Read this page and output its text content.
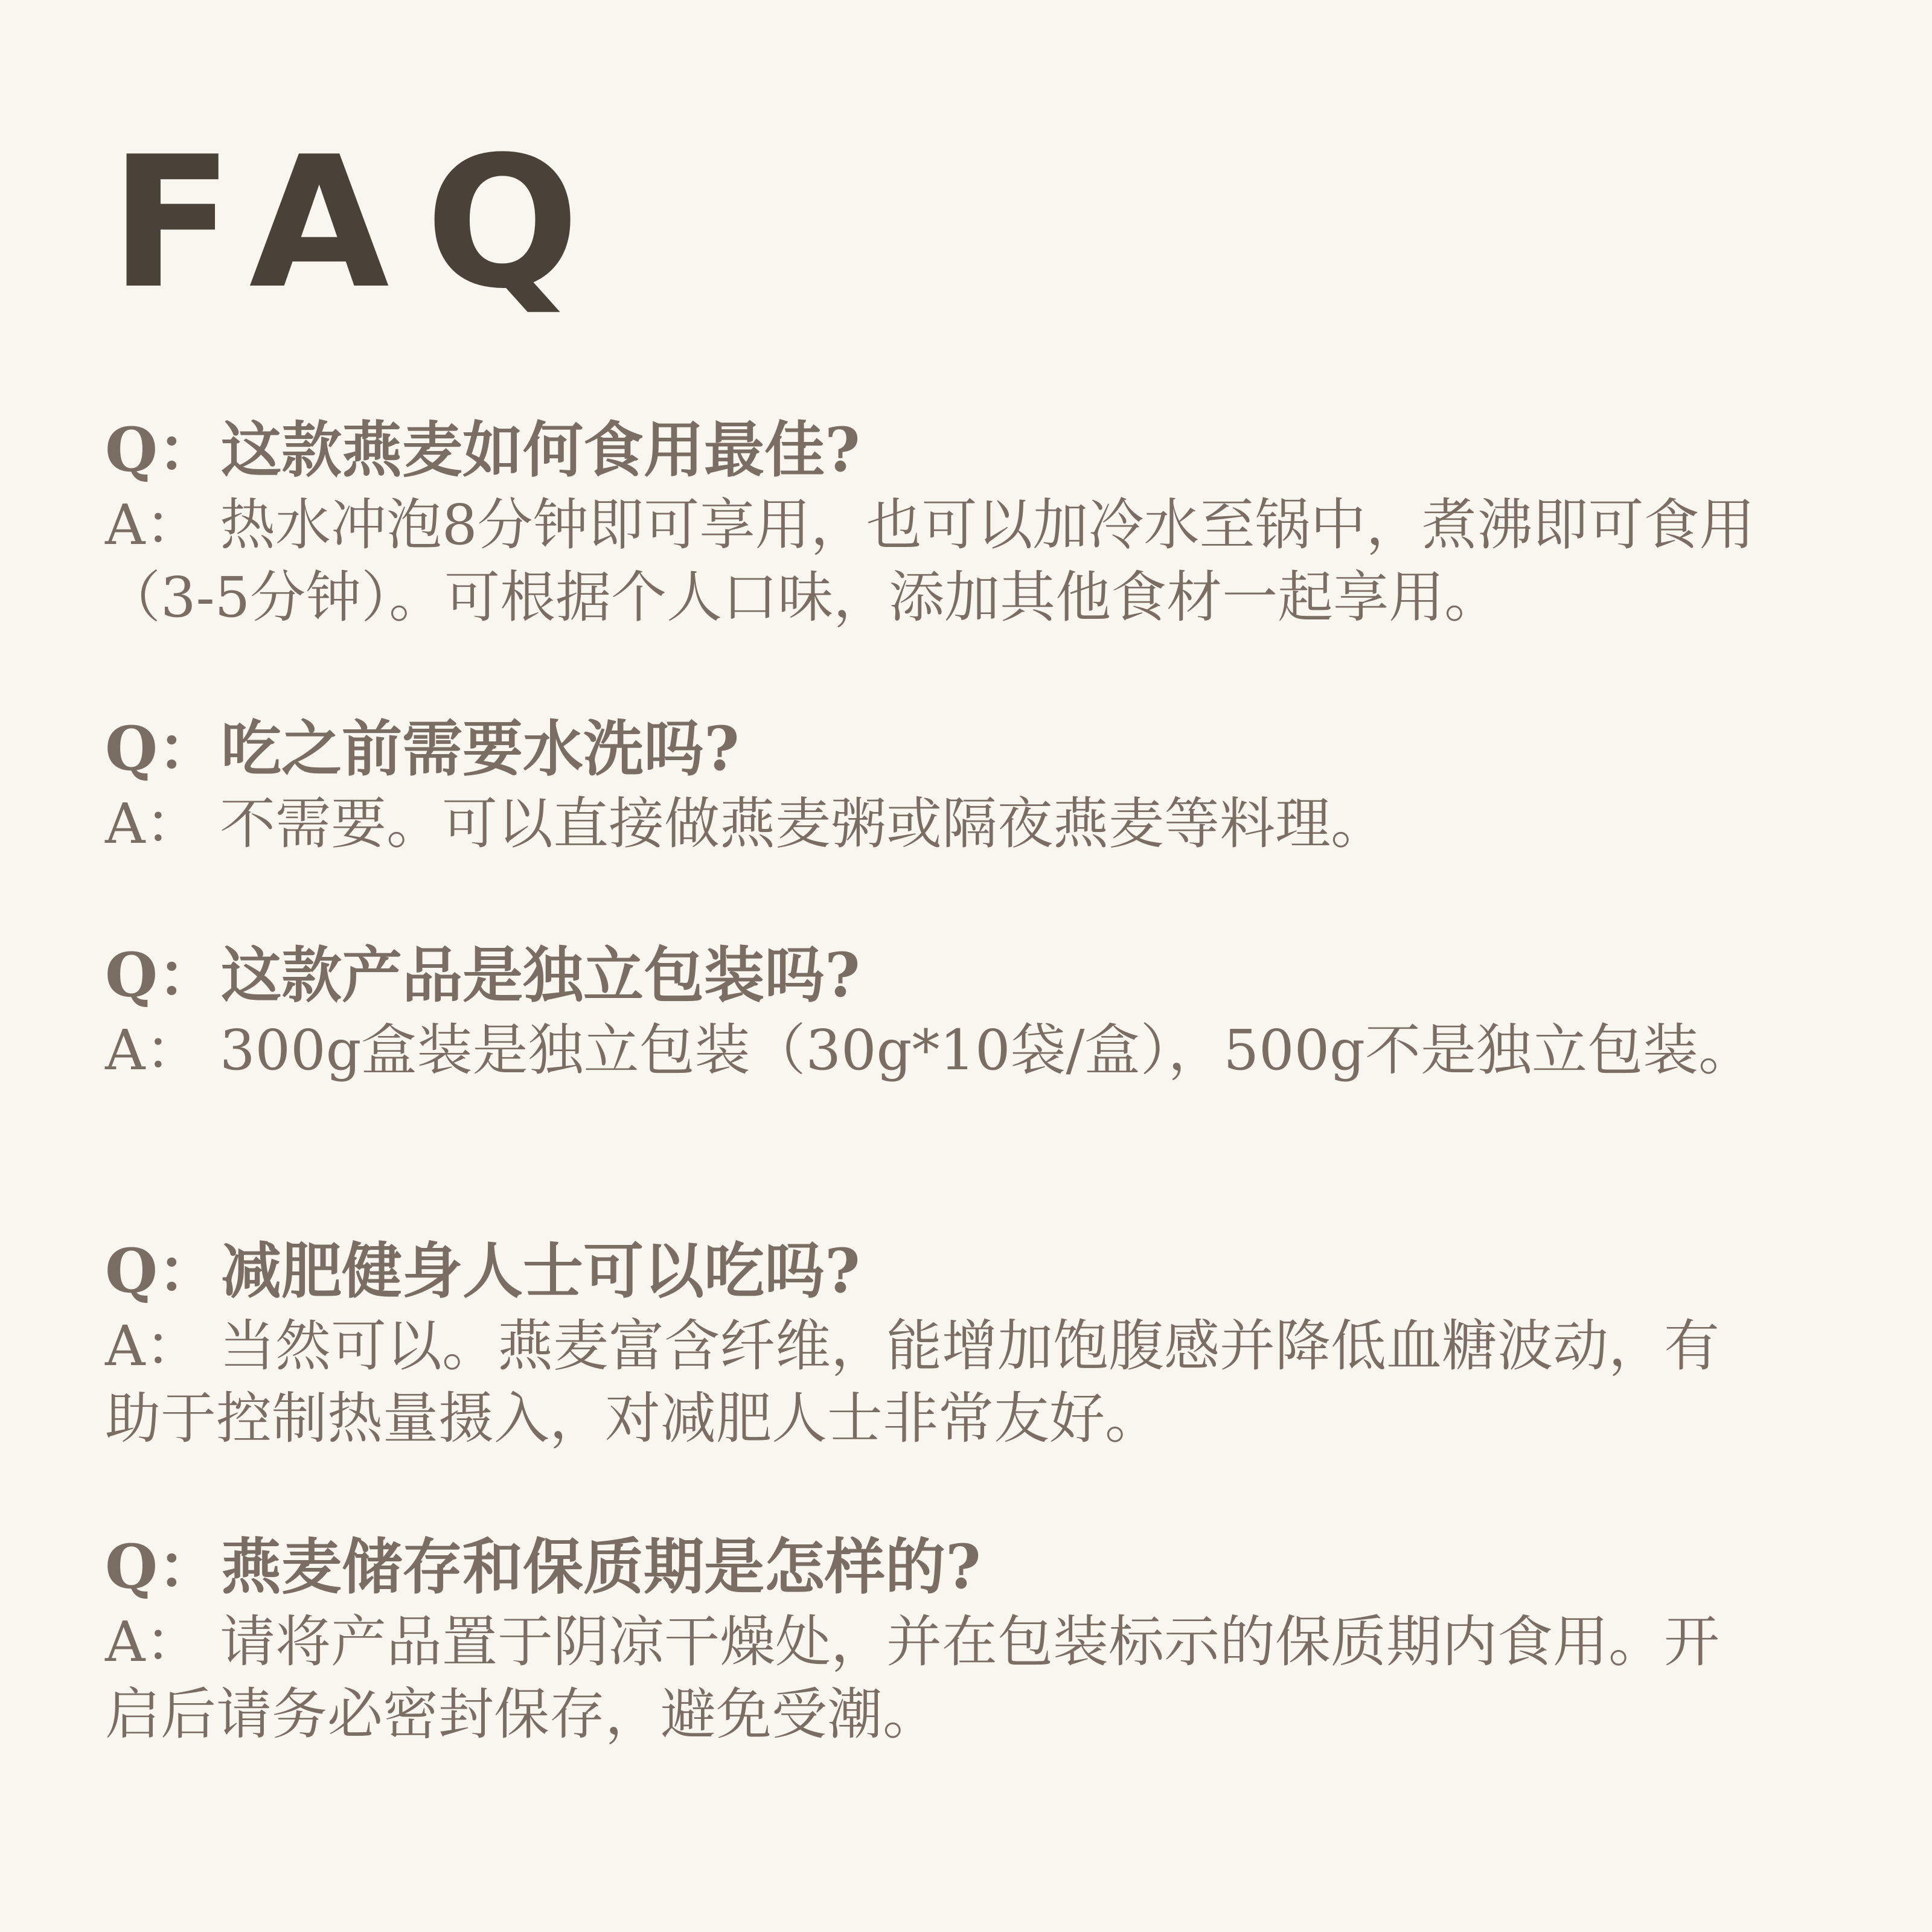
FAQ

Q：这款燕麦如何食用最佳?

A： 热水冲泡8分钟即可享用，也可以加冷水至锅中，煮沸即可食用（3-5分钟）。可根据个人口味，添加其他食材一起享用。

Q：吃之前需要水洗吗?

A： 不需要。可以直接做燕麦粥或隔夜燕麦等料理。

Q：这款产品是独立包装吗?

A： 300g盒装是独立包装（30g*10袋/盒），500g不是独立包装。

Q：减肥健身人士可以吃吗?

A： 当然可以。燕麦富含纤维，能增加饱腹感并降低血糖波动，有助于控制热量摄入，对减肥人士非常友好。

Q：燕麦储存和保质期是怎样的?

A： 请将产品置于阴凉干燥处，并在包装标示的保质期内食用。开启后请务必密封保存，避免受潮。
